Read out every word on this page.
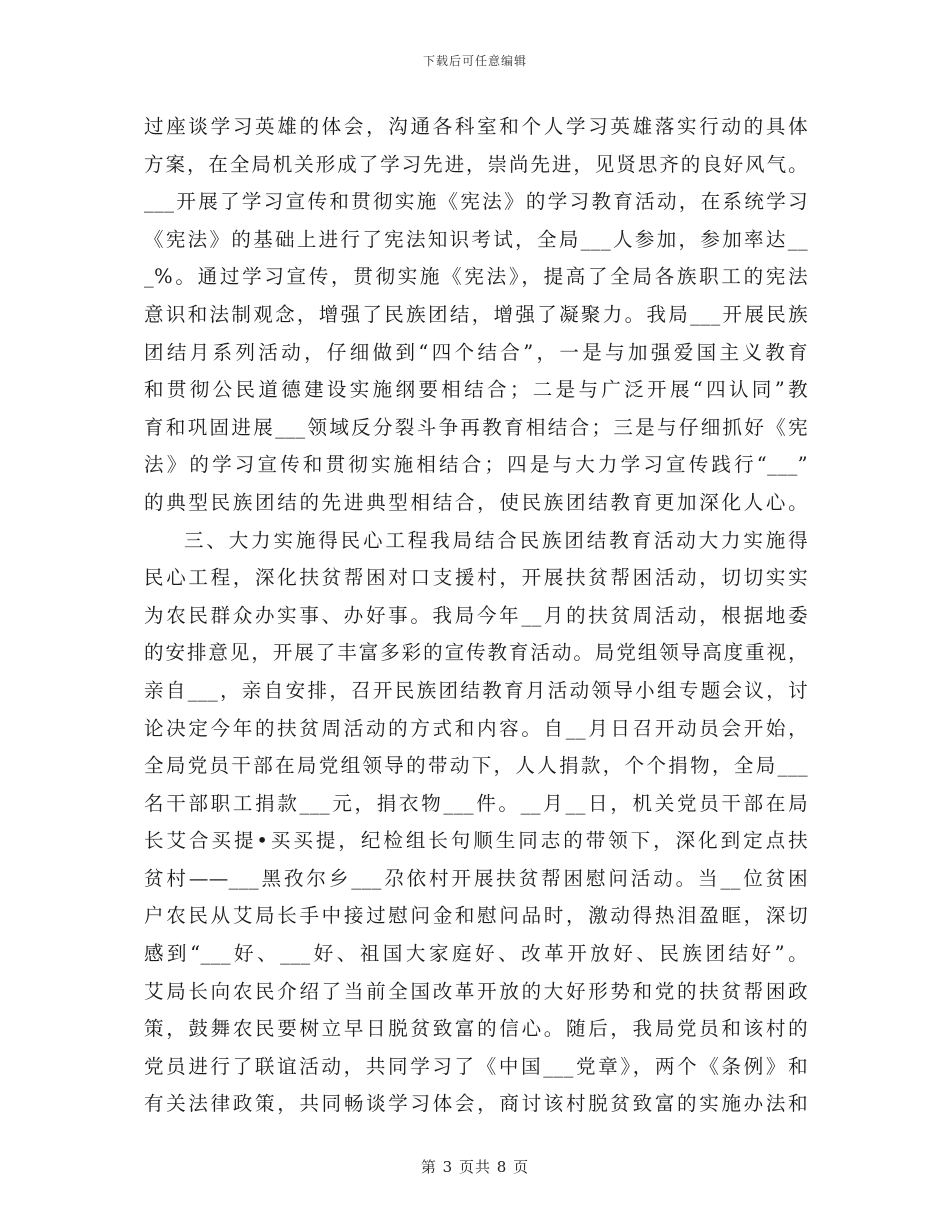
下载后可任意编辑
过座谈学习英雄的体会，沟通各科室和个人学习英雄落实行动的具体
方案，在全局机关形成了学习先进，崇尚先进，见贤思齐的良好风气。
___开展了学习宣传和贯彻实施《宪法》的学习教育活动，在系统学习
《宪法》的基础上进行了宪法知识考试，全局___人参加，参加率达__
_%。通过学习宣传，贯彻实施《宪法》，提高了全局各族职工的宪法
意识和法制观念，增强了民族团结，增强了凝聚力。我局___开展民族
团结月系列活动，仔细做到“四个结合”，一是与加强爱国主义教育
和贯彻公民道德建设实施纲要相结合；二是与广泛开展“四认同”教
育和巩固进展___领域反分裂斗争再教育相结合；三是与仔细抓好《宪
法》的学习宣传和贯彻实施相结合；四是与大力学习宣传践行“___”
的典型民族团结的先进典型相结合，使民族团结教育更加深化人心。
三、大力实施得民心工程我局结合民族团结教育活动大力实施得
民心工程，深化扶贫帮困对口支援村，开展扶贫帮困活动，切切实实
为农民群众办实事、办好事。我局今年__月的扶贫周活动，根据地委
的安排意见，开展了丰富多彩的宣传教育活动。局党组领导高度重视，
亲自___，亲自安排，召开民族团结教育月活动领导小组专题会议，讨
论决定今年的扶贫周活动的方式和内容。自__月日召开动员会开始，
全局党员干部在局党组领导的带动下，人人捐款，个个捐物，全局___
名干部职工捐款___元，捐衣物___件。__月__日，机关党员干部在局
长艾合买提•买买提，纪检组长句顺生同志的带领下，深化到定点扶
贫村——___黑孜尔乡___尕依村开展扶贫帮困慰问活动。当__位贫困
户农民从艾局长手中接过慰问金和慰问品时，激动得热泪盈眶，深切
感到“___好、___好、祖国大家庭好、改革开放好、民族团结好”。
艾局长向农民介绍了当前全国改革开放的大好形势和党的扶贫帮困政
策，鼓舞农民要树立早日脱贫致富的信心。随后，我局党员和该村的
党员进行了联谊活动，共同学习了《中国___党章》，两个《条例》和
有关法律政策，共同畅谈学习体会，商讨该村脱贫致富的实施办法和
第 3 页共 8 页
